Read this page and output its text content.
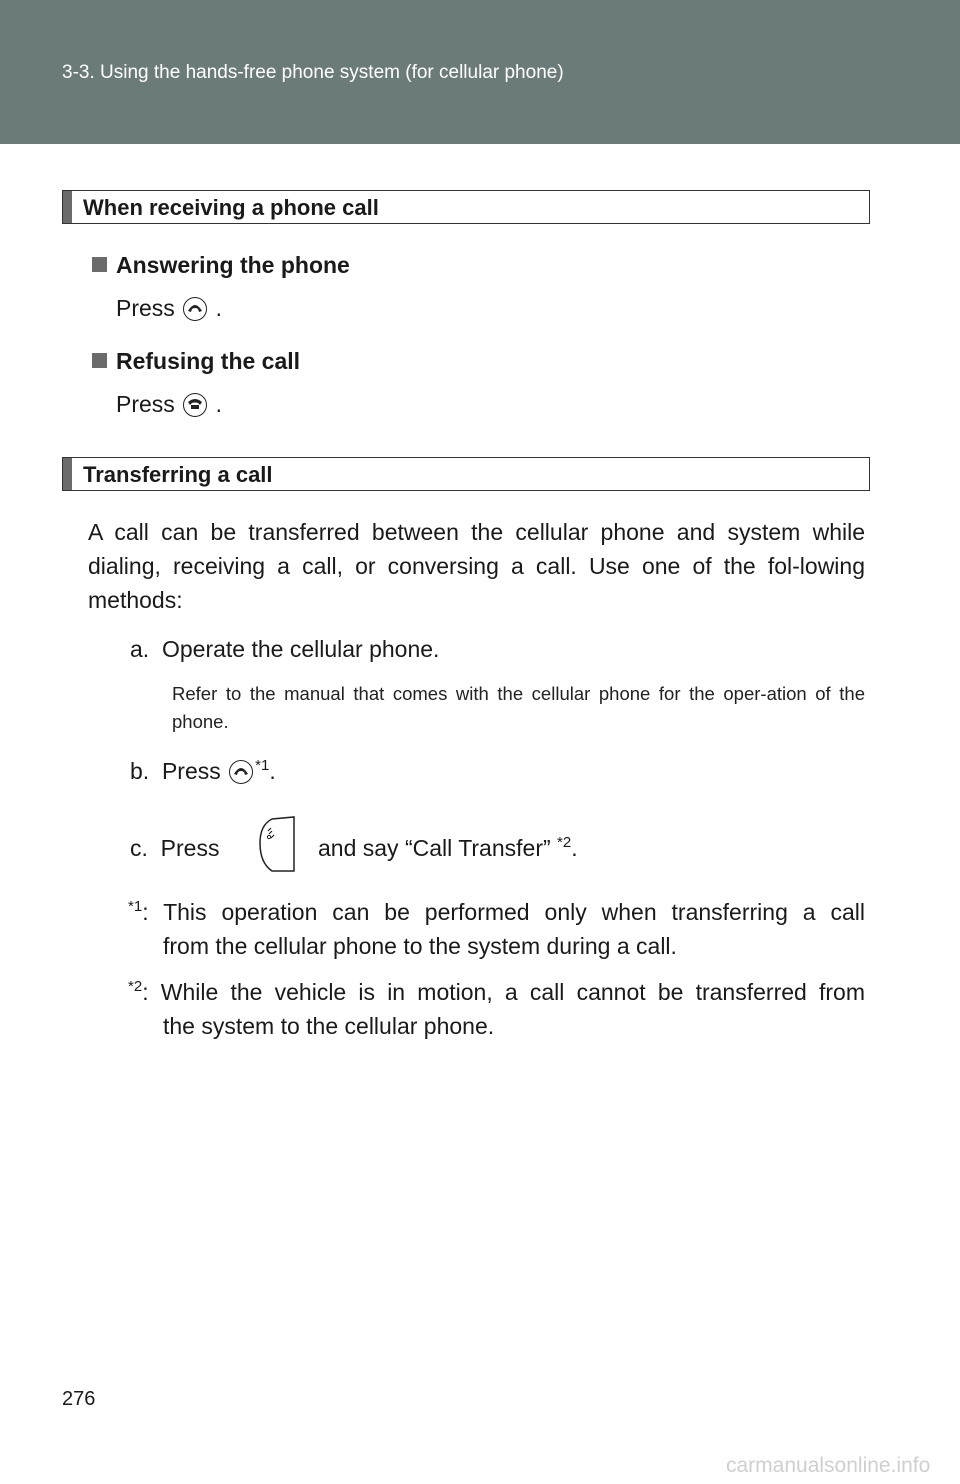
3-3. Using the hands-free phone system (for cellular phone)
When receiving a phone call
Answering the phone
Press .
Refusing the call
Press .
Transferring a call
A call can be transferred between the cellular phone and system while dialing, receiving a call, or conversing a call. Use one of the fol-lowing methods:
a. Operate the cellular phone.
Refer to the manual that comes with the cellular phone for the oper-ation of the phone.
b. Press $^{*1}$.
c. Press	and say “Call Transfer” $^{*2}$.
$^{*1}$: This operation can be performed only when transferring a call
from the cellular phone to the system during a call.
$^{*2}$: While the vehicle is in motion, a call cannot be transferred from
the system to the cellular phone.
276
carmanualsonline.info
